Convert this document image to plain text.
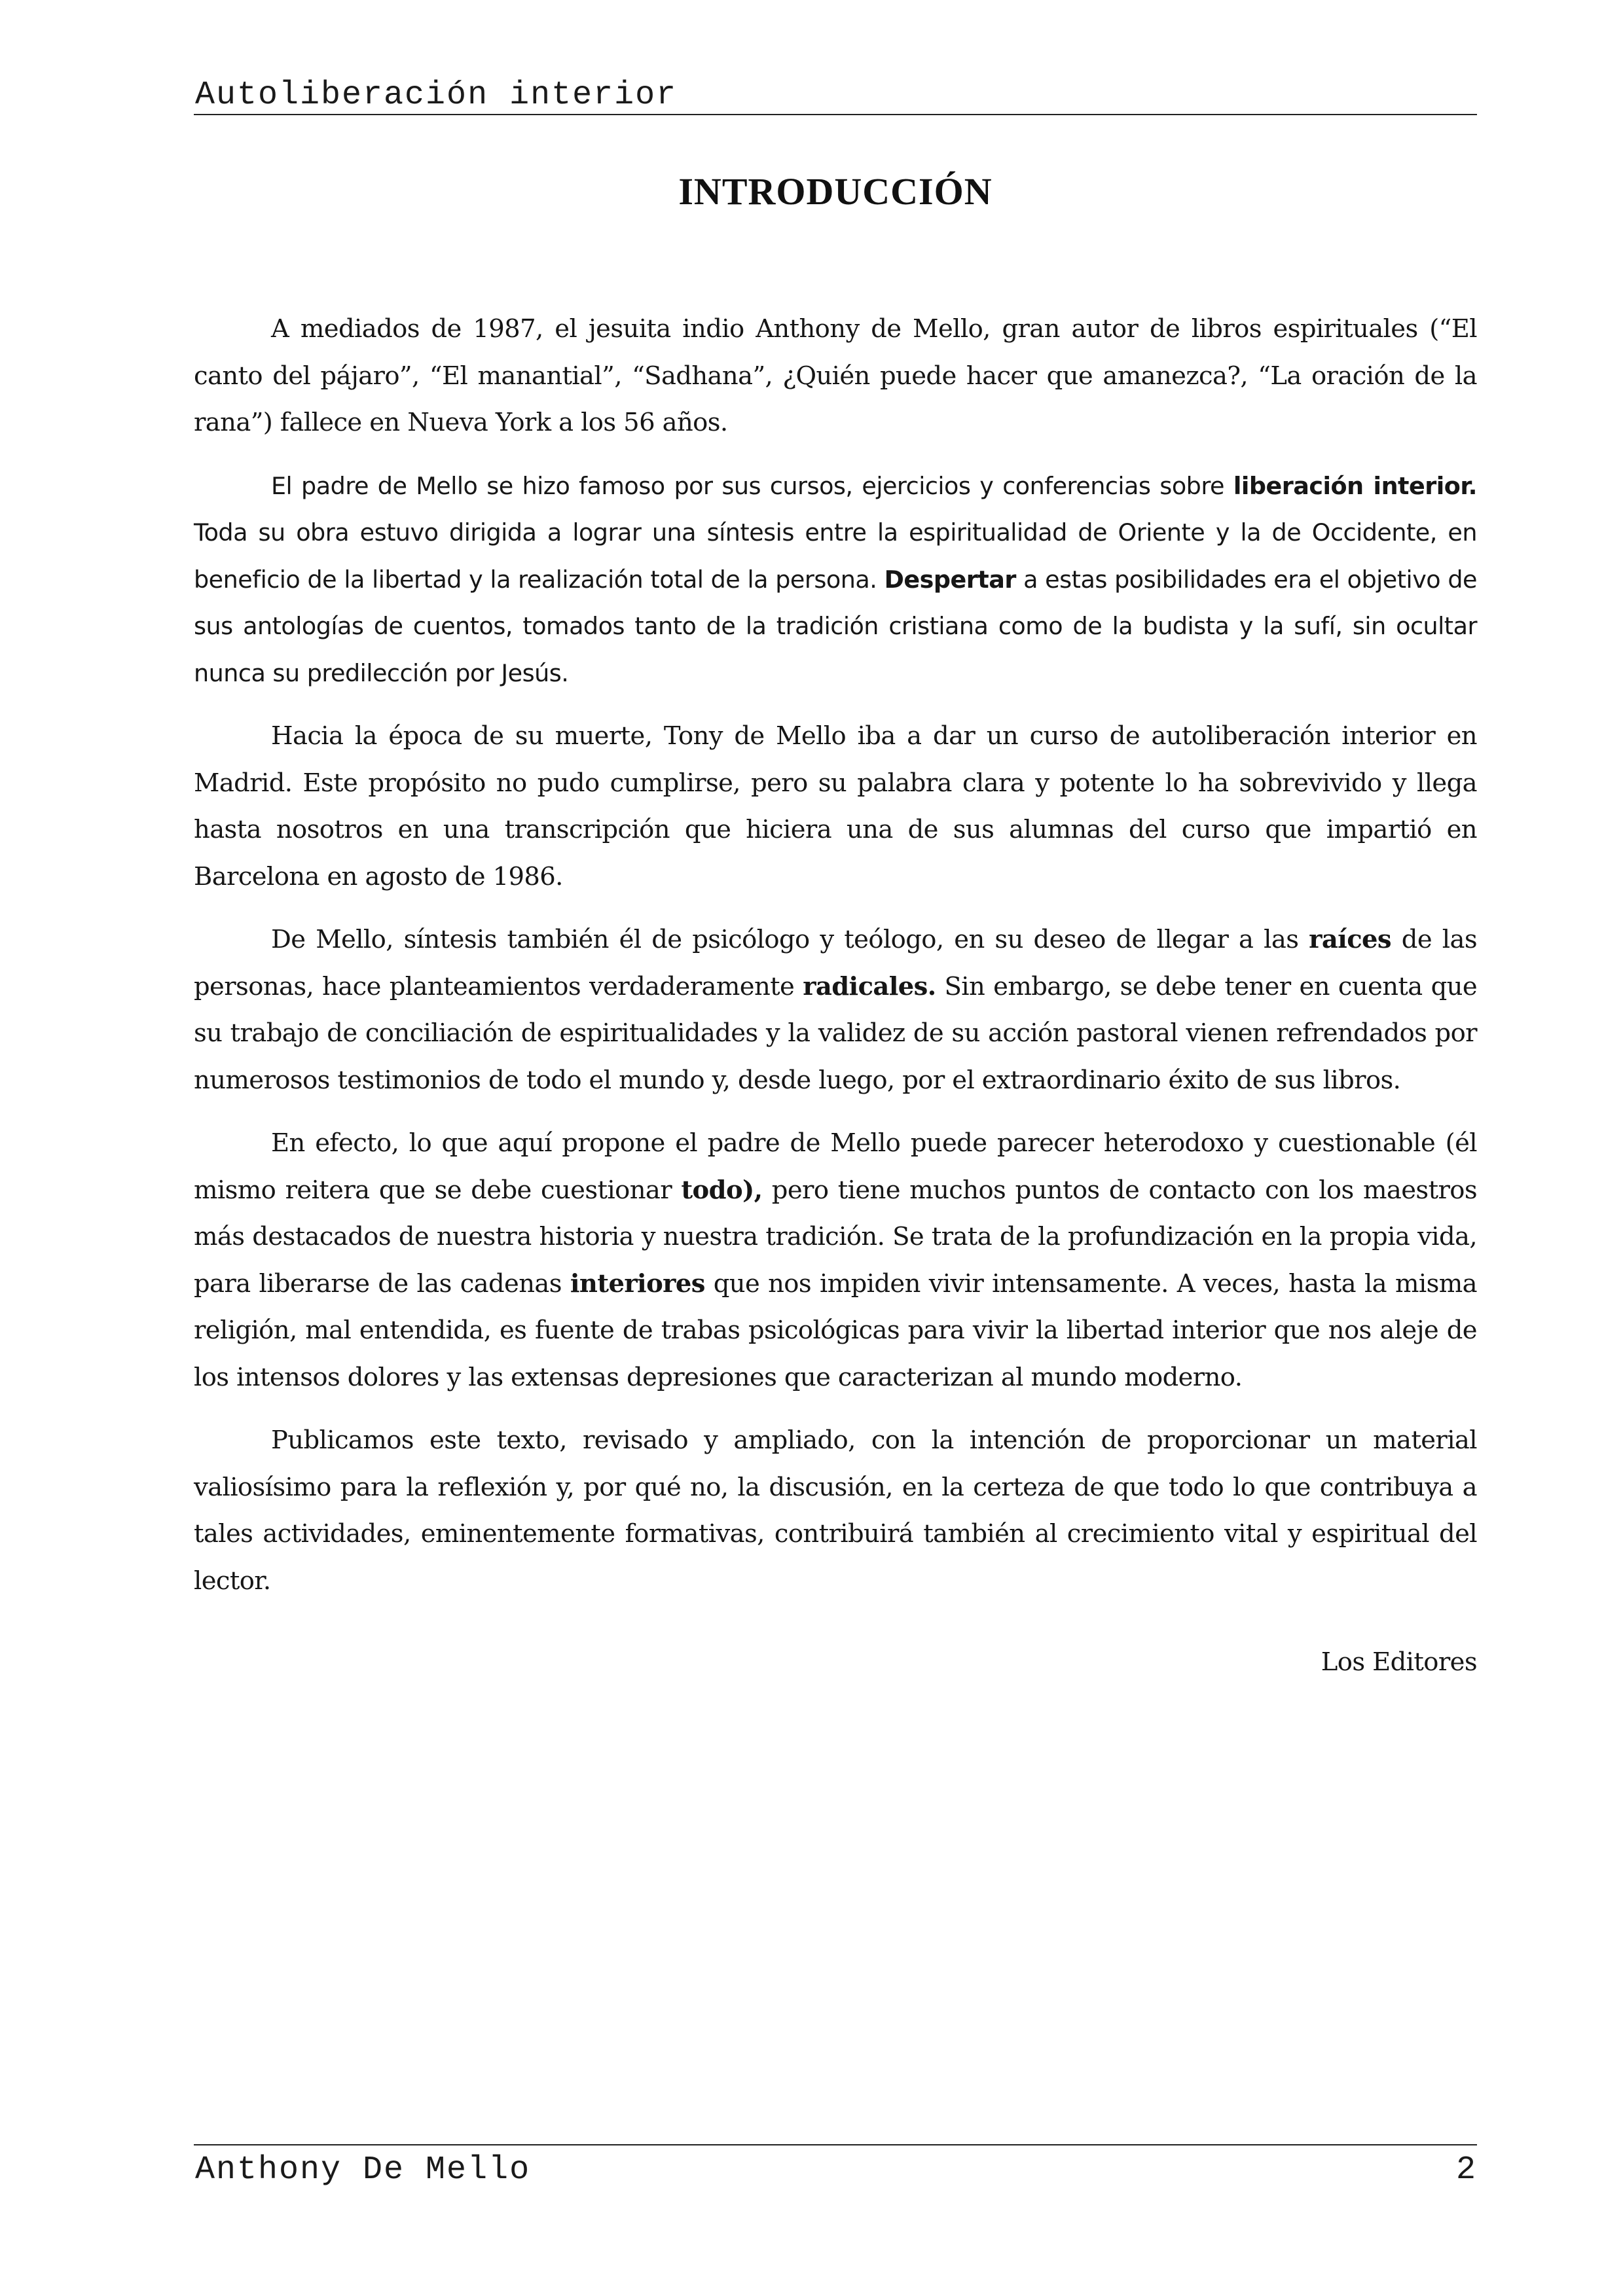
Autoliberación interior
INTRODUCCIÓN

A mediados de 1987, el jesuita indio Anthony de Mello, gran autor de libros espirituales (“El canto del pájaro”, “El manantial”, “Sadhana”, ¿Quién puede hacer que amanezca?, “La oración de la rana”) fallece en Nueva York a los 56 años.

El padre de Mello se hizo famoso por sus cursos, ejercicios y conferencias sobre liberación interior. Toda su obra estuvo dirigida a lograr una síntesis entre la espiritualidad de Oriente y la de Occidente, en beneficio de la libertad y la realización total de la persona. Despertar a estas posibilidades era el objetivo de sus antologías de cuentos, tomados tanto de la tradición cristiana como de la budista y la sufí, sin ocultar nunca su predilección por Jesús.

Hacia la época de su muerte, Tony de Mello iba a dar un curso de autoliberación interior en Madrid. Este propósito no pudo cumplirse, pero su palabra clara y potente lo ha sobrevivido y llega hasta nosotros en una transcripción que hiciera una de sus alumnas del curso que impartió en Barcelona en agosto de 1986.

De Mello, síntesis también él de psicólogo y teólogo, en su deseo de llegar a las raíces de las personas, hace planteamientos verdaderamente radicales. Sin embargo, se debe tener en cuenta que su trabajo de conciliación de espiritualidades y la validez de su acción pastoral vienen refrendados por numerosos testimonios de todo el mundo y, desde luego, por el extraordinario éxito de sus libros.

En efecto, lo que aquí propone el padre de Mello puede parecer heterodoxo y cuestionable (él mismo reitera que se debe cuestionar todo), pero tiene muchos puntos de contacto con los maestros más destacados de nuestra historia y nuestra tradición. Se trata de la profundización en la propia vida, para liberarse de las cadenas interiores que nos impiden vivir intensamente. A veces, hasta la misma religión, mal entendida, es fuente de trabas psicológicas para vivir la libertad interior que nos aleje de los intensos dolores y las extensas depresiones que caracterizan al mundo moderno.

Publicamos este texto, revisado y ampliado, con la intención de proporcionar un material valiosísimo para la reflexión y, por qué no, la discusión, en la certeza de que todo lo que contribuya a tales actividades, eminentemente formativas, contribuirá también al crecimiento vital y espiritual del lector.

Los Editores
Anthony De Mello	2
